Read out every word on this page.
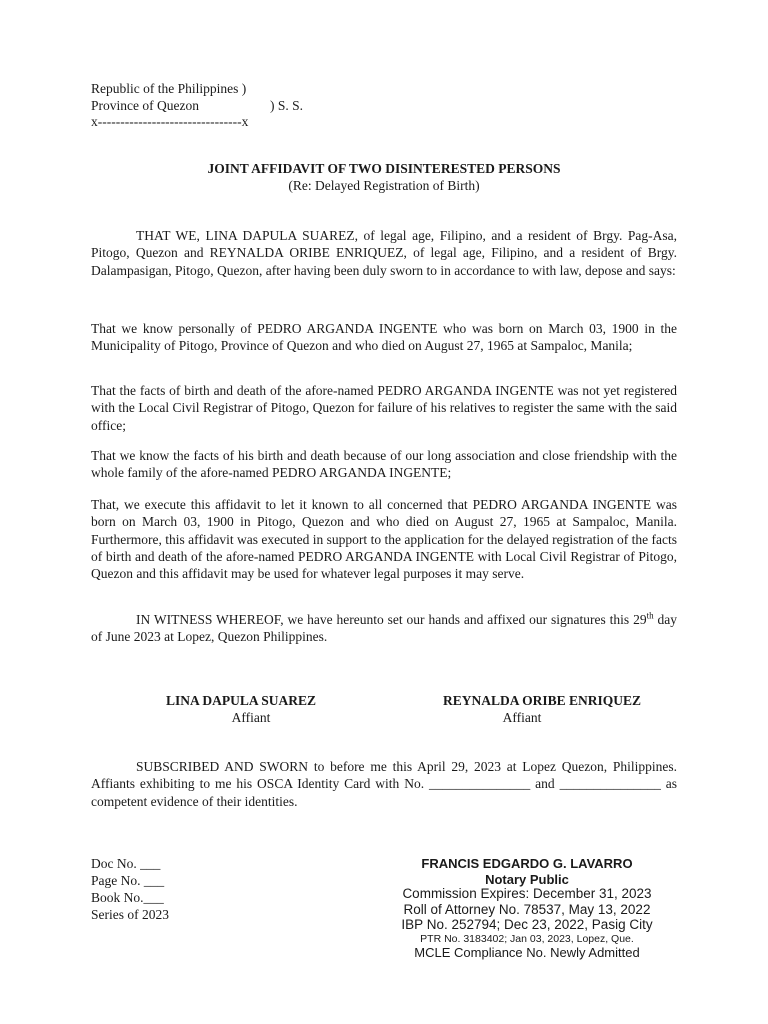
Republic of the Philippines )
Province of Quezon	) S. S.
x--------------------------------x
JOINT AFFIDAVIT OF TWO DISINTERESTED PERSONS
(Re: Delayed Registration of Birth)

THAT WE, LINA DAPULA SUAREZ, of legal age, Filipino, and a resident of Brgy. Pag-Asa, Pitogo, Quezon and REYNALDA ORIBE ENRIQUEZ, of legal age, Filipino, and a resident of Brgy. Dalampasigan, Pitogo, Quezon, after having been duly sworn to in accordance to with law, depose and says:

That we know personally of PEDRO ARGANDA INGENTE who was born on March 03, 1900 in the Municipality of Pitogo, Province of Quezon and who died on August 27, 1965 at Sampaloc, Manila;

That the facts of birth and death of the afore-named PEDRO ARGANDA INGENTE was not yet registered with the Local Civil Registrar of Pitogo, Quezon for failure of his relatives to register the same with the said office;

That we know the facts of his birth and death because of our long association and close friendship with the whole family of the afore-named PEDRO ARGANDA INGENTE;

That, we execute this affidavit to let it known to all concerned that PEDRO ARGANDA INGENTE was born on March 03, 1900 in Pitogo, Quezon and who died on August 27, 1965 at Sampaloc, Manila. Furthermore, this affidavit was executed in support to the application for the delayed registration of the facts of birth and death of the afore-named PEDRO ARGANDA INGENTE with Local Civil Registrar of Pitogo, Quezon and this affidavit may be used for whatever legal purposes it may serve.

IN WITNESS WHEREOF, we have hereunto set our hands and affixed our signatures this 29th day of June 2023 at Lopez, Quezon Philippines.

LINA DAPULA SUAREZ
Affiant
REYNALDA ORIBE ENRIQUEZ
Affiant

SUBSCRIBED AND SWORN to before me this April 29, 2023 at Lopez Quezon, Philippines. Affiants exhibiting to me his OSCA Identity Card with No. _______________ and _______________ as competent evidence of their identities.

Doc No. ___
Page No. ___
Book No.___
Series of 2023
FRANCIS EDGARDO G. LAVARRO
Notary Public
Commission Expires: December 31, 2023
Roll of Attorney No. 78537, May 13, 2022
IBP No. 252794; Dec 23, 2022, Pasig City
PTR No. 3183402; Jan 03, 2023, Lopez, Que.
MCLE Compliance No. Newly Admitted
